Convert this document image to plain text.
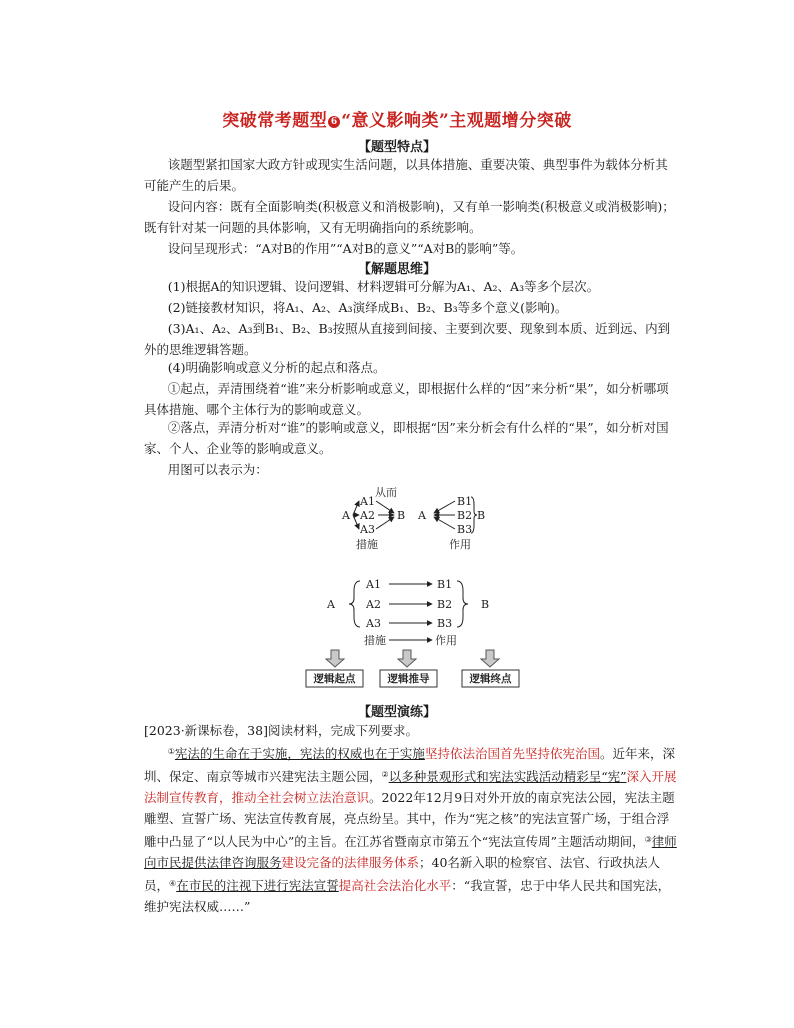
突破常考题型 6 “意义影响类”主观题增分突破
【题型特点】

该题型紧扣国家大政方针或现实生活问题，以具体措施、重要决策、典型事件为载体分析其可能产生的后果。

设问内容：既有全面影响类(积极意义和消极影响)，又有单一影响类(积极意义或消极影响)；既有针对某一问题的具体影响，又有无明确指向的系统影响。

设问呈现形式：“A对B的作用”“A对B的意义”“A对B的影响”等。

【解题思维】

(1)根据A的知识逻辑、设问逻辑、材料逻辑可分解为A₁、A₂、A₃等多个层次。

(2)链接教材知识，将A₁、A₂、A₃演绎成B₁、B₂、B₃等多个意义(影响)。

(3)A₁、A₂、A₃到B₁、B₂、B₃按照从直接到间接、主要到次要、现象到本质、近到远、内到外的思维逻辑答题。

(4)明确影响或意义分析的起点和落点。

①起点，弄清围绕着“谁”来分析影响或意义，即根据什么样的“因”来分析“果”，如分析哪项具体措施、哪个主体行为的影响或意义。

②落点，弄清分析对“谁”的影响或意义，即根据“因”来分析会有什么样的“果”，如分析对国家、个人、企业等的影响或意义。

用图可以表示为：

从而
A
A1
A2
A3
B
措施
A
B1
B2
B3
B
作用
A
A1
A2
A3
B1
B2
B3
B
措施	作用
逻辑起点	逻辑推导	逻辑终点
【题型演练】

[2023·新课标卷，38]阅读材料，完成下列要求。

①宪法的生命在于实施，宪法的权威也在于实施坚持依法治国首先坚持依宪治国。近年来，深圳、保定、南京等城市兴建宪法主题公园，②以多种景观形式和宪法实践活动精彩呈“宪”深入开展法制宣传教育，推动全社会树立法治意识。2022年12月9日对外开放的南京宪法公园，宪法主题雕塑、宣誓广场、宪法宣传教育展，亮点纷呈。其中，作为“宪之核”的宪法宣誓广场，于组合浮雕中凸显了“以人民为中心”的主旨。在江苏省暨南京市第五个“宪法宣传周”主题活动期间，③律师向市民提供法律咨询服务建设完备的法律服务体系；40名新入职的检察官、法官、行政执法人员，④在市民的注视下进行宪法宣誓提高社会法治化水平：“我宣誓，忠于中华人民共和国宪法，维护宪法权威……”
